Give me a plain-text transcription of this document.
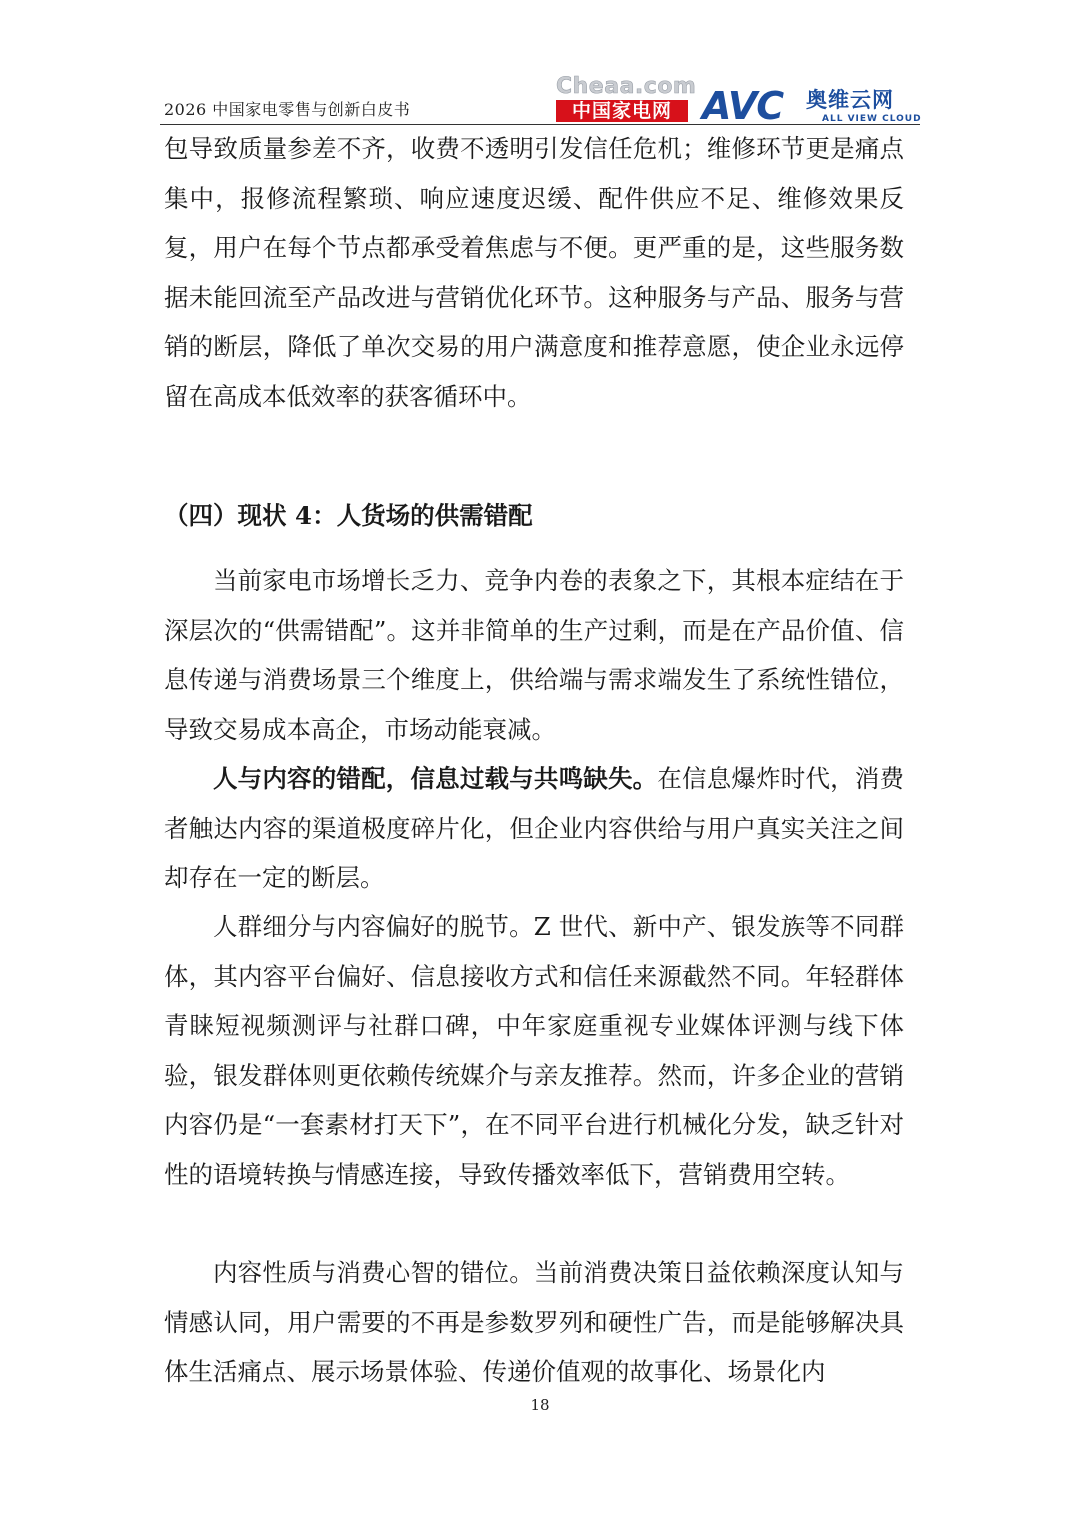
2026 中国家电零售与创新白皮书
Cheaa.com
中国家电网 AVC 奥维云网
ALL VIEW CLOUD

包导致质量参差不齐，收费不透明引发信任危机；维修环节更是痛点集中，报修流程繁琐、响应速度迟缓、配件供应不足、维修效果反复，用户在每个节点都承受着焦虑与不便。更严重的是，这些服务数据未能回流至产品改进与营销优化环节。这种服务与产品、服务与营销的断层，降低了单次交易的用户满意度和推荐意愿，使企业永远停留在高成本低效率的获客循环中。

（四）现状 4：人货场的供需错配

当前家电市场增长乏力、竞争内卷的表象之下，其根本症结在于深层次的“供需错配”。这并非简单的生产过剩，而是在产品价值、信息传递与消费场景三个维度上，供给端与需求端发生了系统性错位，导致交易成本高企，市场动能衰减。

人与内容的错配，信息过载与共鸣缺失。在信息爆炸时代，消费者触达内容的渠道极度碎片化，但企业内容供给与用户真实关注之间却存在一定的断层。

人群细分与内容偏好的脱节。Z 世代、新中产、银发族等不同群体，其内容平台偏好、信息接收方式和信任来源截然不同。年轻群体青睐短视频测评与社群口碑，中年家庭重视专业媒体评测与线下体验，银发群体则更依赖传统媒介与亲友推荐。然而，许多企业的营销内容仍是“一套素材打天下”，在不同平台进行机械化分发，缺乏针对性的语境转换与情感连接，导致传播效率低下，营销费用空转。

内容性质与消费心智的错位。当前消费决策日益依赖深度认知与情感认同，用户需要的不再是参数罗列和硬性广告，而是能够解决具体生活痛点、展示场景体验、传递价值观的故事化、场景化内

18
